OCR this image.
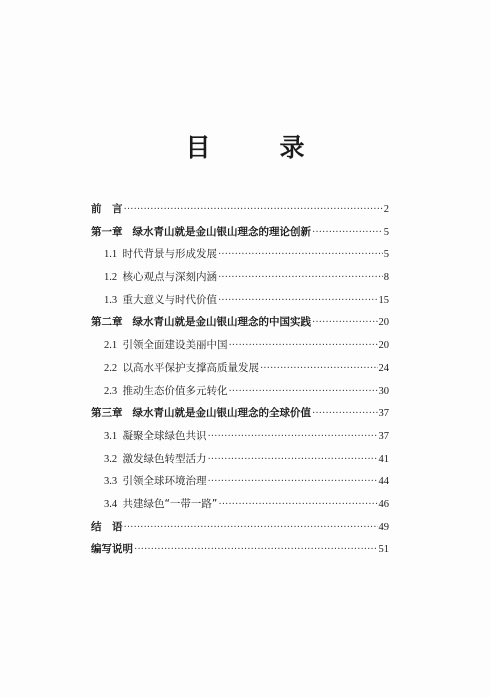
目　录
前　言 ·····	2
第一章 绿水青山就是金山银山理念的理论创新 ·····	5
1.1 时代背景与形成发展 ·····	5
1.2 核心观点与深刻内涵 ·····	8
1.3 重大意义与时代价值 ·····	15
第二章 绿水青山就是金山银山理念的中国实践 ·····	20
2.1 引领全面建设美丽中国 ·····	20
2.2 以高水平保护支撑高质量发展 ·····	24
2.3 推动生态价值多元转化 ·····	30
第三章 绿水青山就是金山银山理念的全球价值 ·····	37
3.1 凝聚全球绿色共识 ·····	37
3.2 激发绿色转型活力 ·····	41
3.3 引领全球环境治理 ·····	44
3.4 共建绿色“一带一路” ·····	46
结　语 ·····	49
编写说明 ·····	51
